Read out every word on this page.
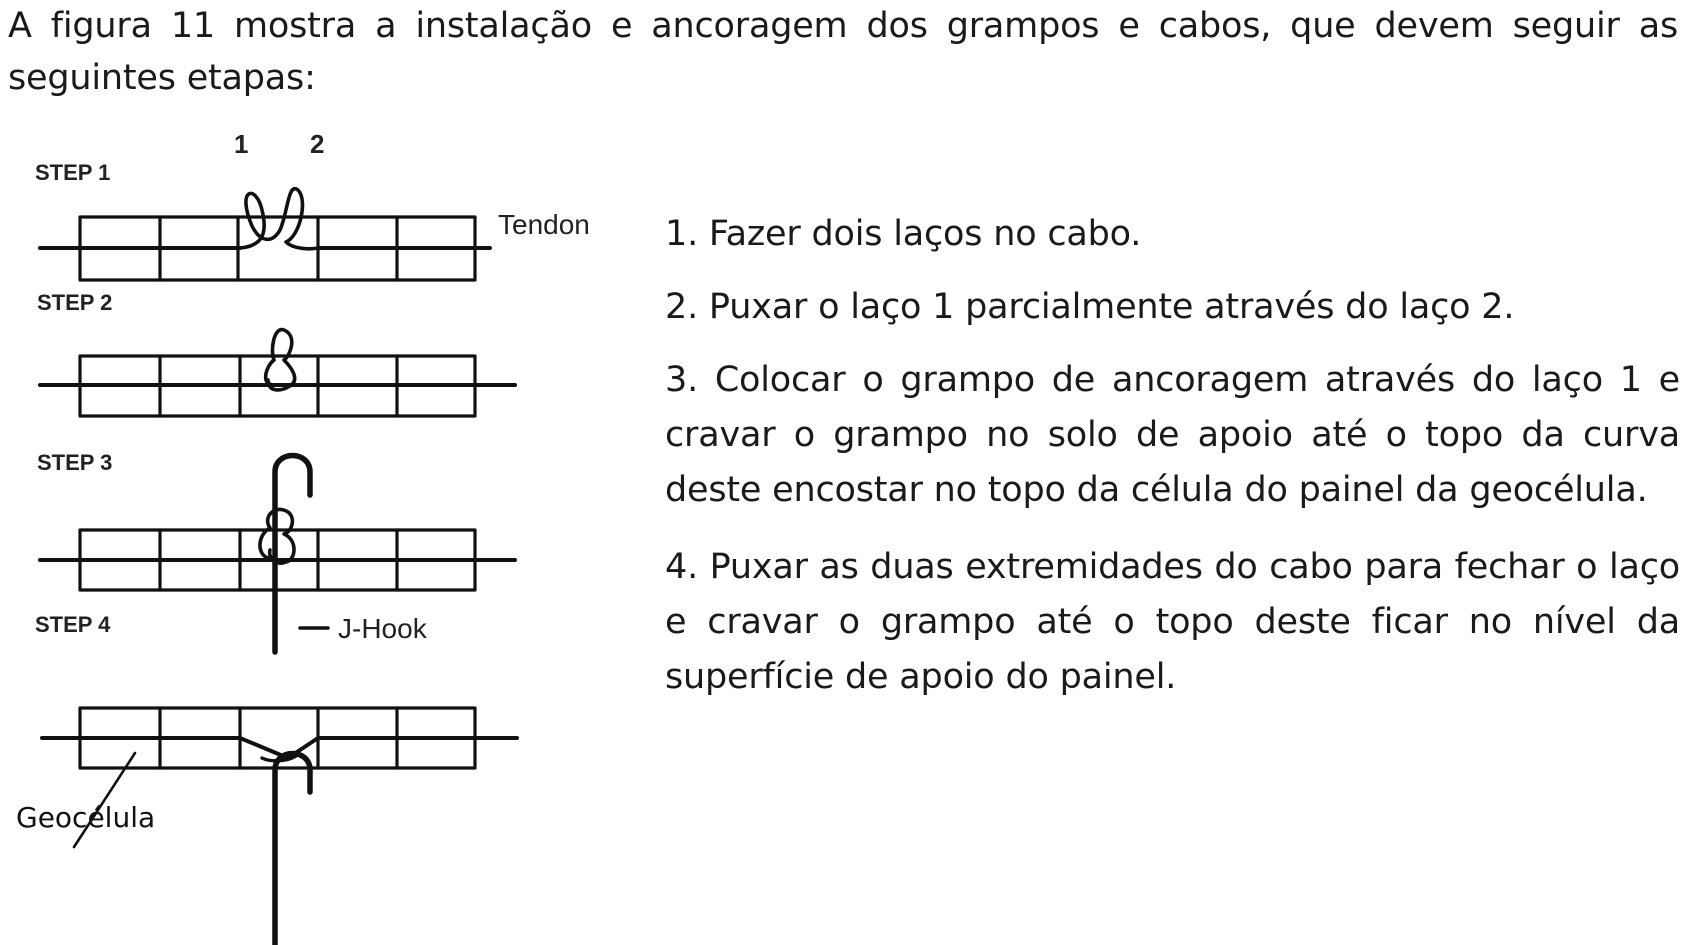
A figura 11 mostra a instalação e ancoragem dos grampos e cabos, que devem seguir as seguintes etapas:
STEP 1
1 2
Tendon
STEP 2
STEP 3
J-Hook
STEP 4
Geocélula

1. Fazer dois laços no cabo.

2. Puxar o laço 1 parcialmente através do laço 2.

3. Colocar o grampo de ancoragem através do laço 1 e cravar o grampo no solo de apoio até o topo da curva deste encostar no topo da célula do painel da geocélula.

4. Puxar as duas extremidades do cabo para fechar o laço e cravar o grampo até o topo deste ficar no nível da superfície de apoio do painel.
